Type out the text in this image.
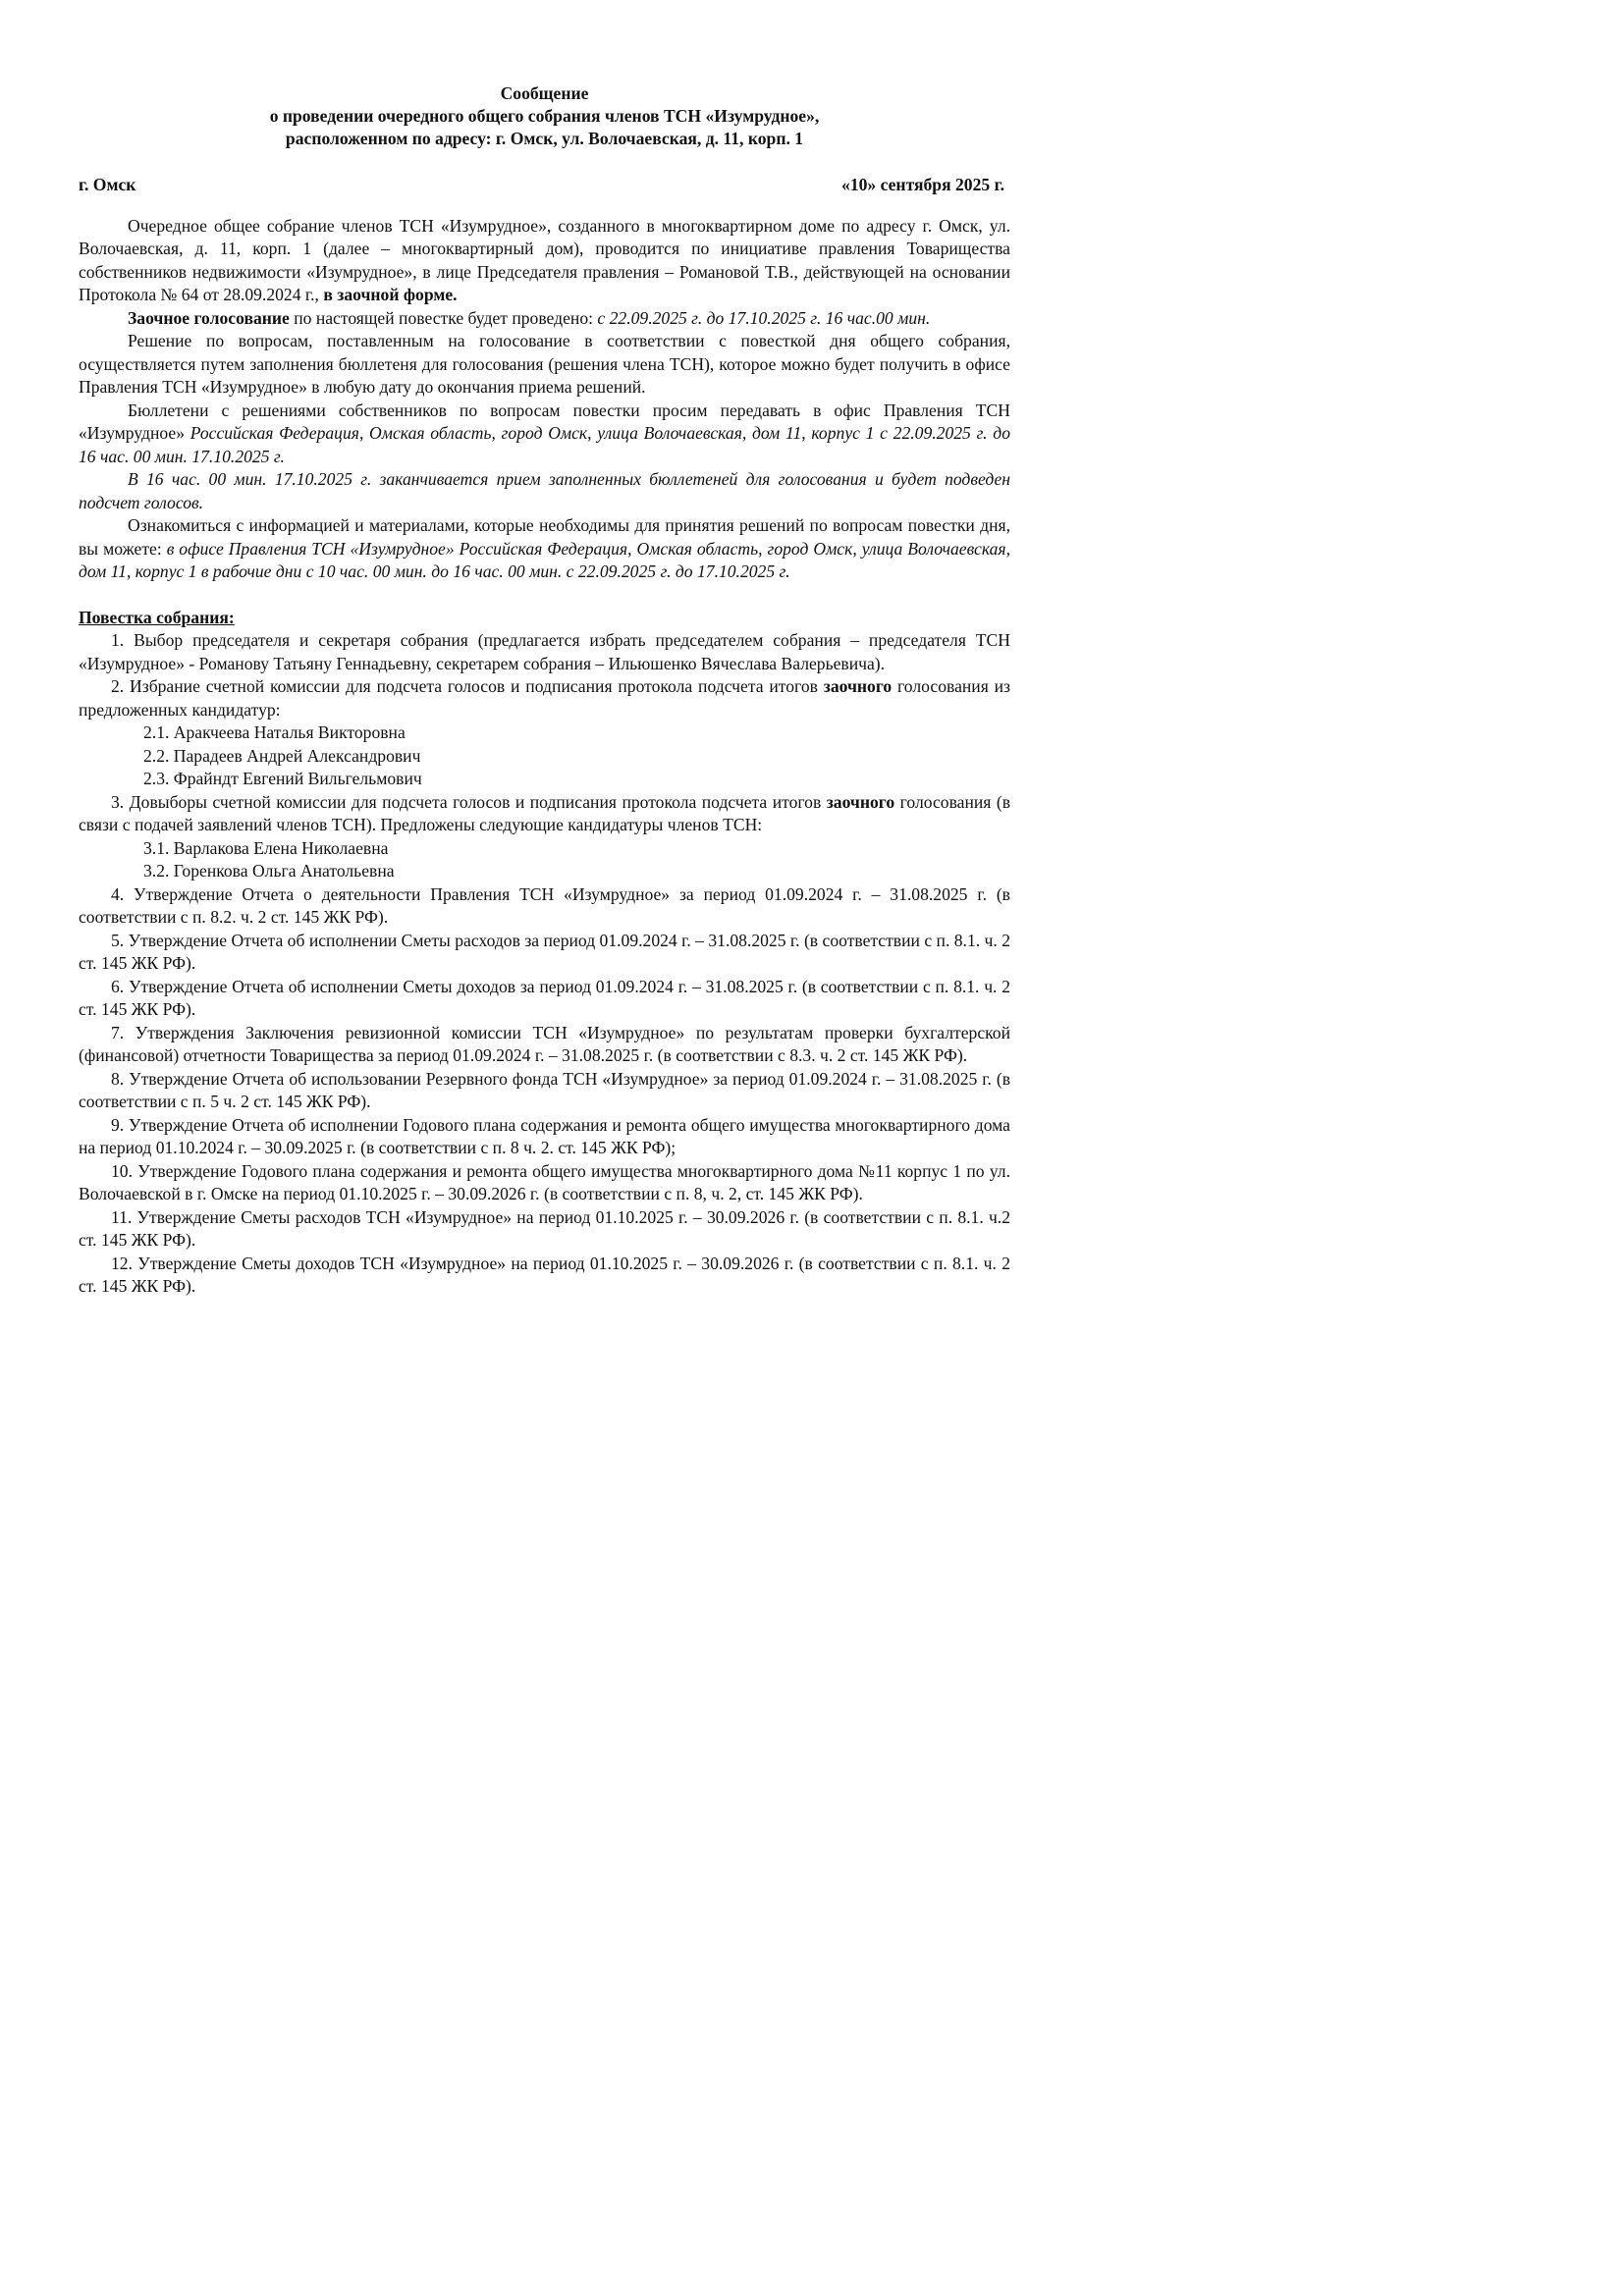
Сообщение
о проведении очередного общего собрания членов ТСН «Изумрудное»,
расположенном по адресу: г. Омск, ул. Волочаевская, д. 11, корп. 1
г. Омск	«10» сентября 2025 г.

Очередное общее собрание членов ТСН «Изумрудное», созданного в многоквартирном доме по адресу г. Омск, ул. Волочаевская, д. 11, корп. 1 (далее – многоквартирный дом), проводится по инициативе правления Товарищества собственников недвижимости «Изумрудное», в лице Председателя правления – Романовой Т.В., действующей на основании Протокола № 64 от 28.09.2024 г., в заочной форме.

Заочное голосование по настоящей повестке будет проведено: с 22.09.2025 г. до 17.10.2025 г. 16 час.00 мин.

Решение по вопросам, поставленным на голосование в соответствии с повесткой дня общего собрания, осуществляется путем заполнения бюллетеня для голосования (решения члена ТСН), которое можно будет получить в офисе Правления ТСН «Изумрудное» в любую дату до окончания приема решений.

Бюллетени с решениями собственников по вопросам повестки просим передавать в офис Правления ТСН «Изумрудное» Российская Федерация, Омская область, город Омск, улица Волочаевская, дом 11, корпус 1 с 22.09.2025 г. до 16 час. 00 мин. 17.10.2025 г.

В 16 час. 00 мин. 17.10.2025 г. заканчивается прием заполненных бюллетеней для голосования и будет подведен подсчет голосов.

Ознакомиться с информацией и материалами, которые необходимы для принятия решений по вопросам повестки дня, вы можете: в офисе Правления ТСН «Изумрудное» Российская Федерация, Омская область, город Омск, улица Волочаевская, дом 11, корпус 1 в рабочие дни с 10 час. 00 мин. до 16 час. 00 мин. с 22.09.2025 г. до 17.10.2025 г.

Повестка собрания:
1. Выбор председателя и секретаря собрания (предлагается избрать председателем собрания – председателя ТСН «Изумрудное» - Романову Татьяну Геннадьевну, секретарем собрания – Ильюшенко Вячеслава Валерьевича).
2. Избрание счетной комиссии для подсчета голосов и подписания протокола подсчета итогов заочного голосования из предложенных кандидатур:
2.1. Аракчеева Наталья Викторовна
2.2. Парадеев Андрей Александрович
2.3. Фрайндт Евгений Вильгельмович
3. Довыборы счетной комиссии для подсчета голосов и подписания протокола подсчета итогов заочного голосования (в связи с подачей заявлений членов ТСН). Предложены следующие кандидатуры членов ТСН:
3.1. Варлакова Елена Николаевна
3.2. Горенкова Ольга Анатольевна
4. Утверждение Отчета о деятельности Правления ТСН «Изумрудное» за период 01.09.2024 г. – 31.08.2025 г. (в соответствии с п. 8.2. ч. 2 ст. 145 ЖК РФ).
5. Утверждение Отчета об исполнении Сметы расходов за период 01.09.2024 г. – 31.08.2025 г. (в соответствии с п. 8.1. ч. 2 ст. 145 ЖК РФ).
6. Утверждение Отчета об исполнении Сметы доходов за период 01.09.2024 г. – 31.08.2025 г. (в соответствии с п. 8.1. ч. 2 ст. 145 ЖК РФ).
7. Утверждения Заключения ревизионной комиссии ТСН «Изумрудное» по результатам проверки бухгалтерской (финансовой) отчетности Товарищества за период 01.09.2024 г. – 31.08.2025 г. (в соответствии с 8.3. ч. 2 ст. 145 ЖК РФ).
8. Утверждение Отчета об использовании Резервного фонда ТСН «Изумрудное» за период 01.09.2024 г. – 31.08.2025 г. (в соответствии с п. 5 ч. 2 ст. 145 ЖК РФ).
9. Утверждение Отчета об исполнении Годового плана содержания и ремонта общего имущества многоквартирного дома на период 01.10.2024 г. – 30.09.2025 г. (в соответствии с п. 8 ч. 2. ст. 145 ЖК РФ);
10. Утверждение Годового плана содержания и ремонта общего имущества многоквартирного дома №11 корпус 1 по ул. Волочаевской в г. Омске на период 01.10.2025 г. – 30.09.2026 г. (в соответствии с п. 8, ч. 2, ст. 145 ЖК РФ).
11. Утверждение Сметы расходов ТСН «Изумрудное» на период 01.10.2025 г. – 30.09.2026 г. (в соответствии с п. 8.1. ч.2 ст. 145 ЖК РФ).
12. Утверждение Сметы доходов ТСН «Изумрудное» на период 01.10.2025 г. – 30.09.2026 г. (в соответствии с п. 8.1. ч. 2 ст. 145 ЖК РФ).
